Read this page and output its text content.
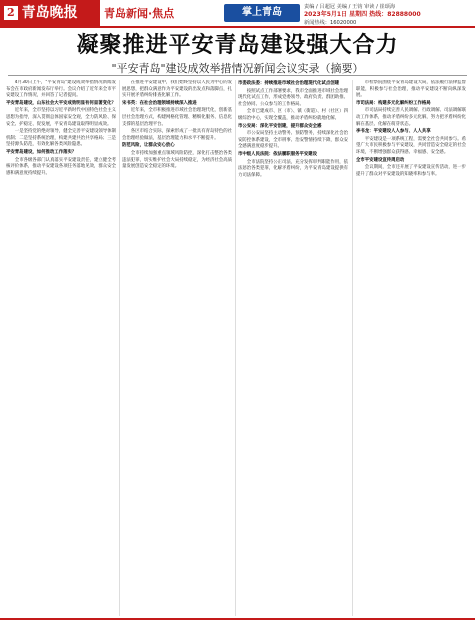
2 青岛晚报	青岛新闻·焦点	掌上青岛	责编 / 吕超冠 美编 / 王钧 审读 / 崔颂海
2023年5月1日 星期四 热线：82888000
新闻热线：16020000
凝聚推进平安青岛建设强大合力
"平安青岛"建设成效举措情况新闻会议实录（摘要）
4月30日上午，"平安青岛"建设成效举措情况新闻发布会在市政府新闻发布厅举行。会议介绍了近年来全市平安建设工作情况，并回答了记者提问。
平安青岛建设，山东社会大平安成效明显有何显著变化？
近年来，全市坚持以习近平新时代中国特色社会主义思想为指导，深入贯彻总体国家安全观，全力防风险、保安全、护稳定、促发展，平安青岛建设取得明显成效。
一是坚持党的绝对领导，健全完善平安建设领导体制机制；二是坚持系统治理，构建共建共治共享格局；三是坚持源头防范，有效化解各类风险隐患。
平安青岛建设，如何推动工作落实？
全市各级各部门认真落实平安建设责任，建立健全考核评价体系，推动平安建设各项任务落地见效，群众安全感和满意度持续提升。
在推进平安建设中，我们始终坚持以人民为中心的发展思想，把群众满意作为平安建设的出发点和落脚点，扎实开展矛盾纠纷排查化解工作。
宋书英：在社会治理领域持续深入推进
近年来，全市积极推进市域社会治理现代化，创新基层社会治理方式，构建网格化管理、精细化服务、信息化支撑的基层治理平台。
各区市结合实际，探索形成了一批具有青岛特色的社会治理经验做法，基层治理能力和水平不断提升。
防范风险，让群众安心放心
全市持续加强重点领域风险防控，深化打击整治各类违法犯罪，切实维护社会大局持续稳定，为经济社会高质量发展创造安全稳定的环境。
市委政法委：持续推进市域社会治理现代化试点创建
按照试点工作部署要求，我市全面推进市域社会治理现代化试点工作，形成党委领导、政府负责、群团助推、社会协同、公众参与的工作格局。
全市已建成市、区（市）、镇（街道）、村（社区）四级综治中心，实现全覆盖，推动矛盾纠纷就地化解。
市公安局：深化平安创建，提升群众安全感
市公安局坚持主动警务、预防警务，持续深化社会治安防控体系建设，全市刑事、治安警情持续下降，群众安全感满意度稳步提升。
市中级人民法院：依法履职服务平安建设
全市法院坚持公正司法，充分发挥审判职能作用，依法惩治各类犯罪，化解矛盾纠纷，为平安青岛建设提供有力司法保障。
市检察院围绕平安青岛建设大局，依法履行法律监督职能，积极参与社会治理，推动平安建设不断向纵深发展。
市司法局：构建多元化解纠纷工作格局
市司法局持续完善人民调解、行政调解、司法调解联动工作体系，推动矛盾纠纷多元化解，努力把矛盾纠纷化解在基层、化解在萌芽状态。
李书龙：平安建设人人参与、人人共享
平安建设是一项系统工程，需要全社会共同参与。希望广大市民积极参与平安建设，共同营造安全稳定的社会环境，不断增强群众获得感、幸福感、安全感。
全市平安建设宣传周启动
会议期间，全市还开展了平安建设宣传活动，进一步提升了群众对平安建设的知晓率和参与率。
